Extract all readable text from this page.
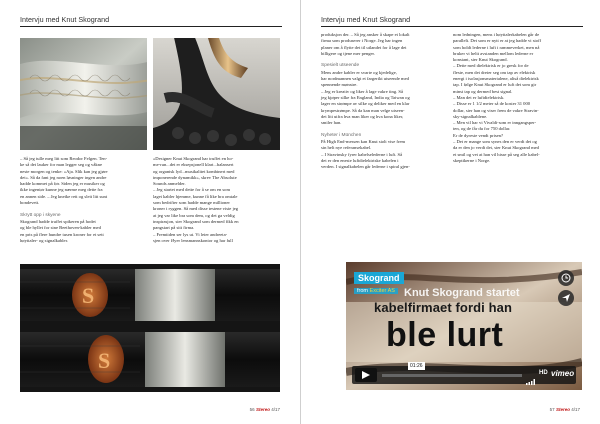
Intervju med Knut Skogrand

– Så jeg tulle meg litt som Reodor Felgen. Ten-

ke så det lauker for man legger seg og våkne

neste morgen og tenke: «Aja. Slik kan jeg gjøre

det». Så da fant jeg noen løsninger ingen andre

hadde kommet på før. Siden jeg er musiker og

ikke ingeniør kunne jeg nærme meg dette fra

en annen side. – Jeg kneike rett og sleit litt sunt

bondevett.

Skrytt opp i skyene

Skogrand hadde truffet spikeren på hodet

og ble hyllet for sine Beethoven-kabler med

en pris på flere hundre tusen kroner for et sett

høyttaler- og signalkabler.

«Designer Knut Skogrand har truffet en ho-

me-run...det er eksepsjonell klart...balansert

og organisk lyd...musikalitet kombinert med

imponerende dynamikk», skrev The Absolute

Sounds anmelder.

– Jeg startet med dette for å se om en som

laget kabler hjemme, kunne få like bra omtale

som bedrifter som hadde mange millioner

kroner i ryggen. Så med disse testene viste jeg

at jeg var like bra som dem, og det ga veldig

inspirasjon, sier Skogrand som dermed fikk en

pangstart på sitt firma.

– Fremtiden ser lys ut. Vi leier andreeta-

sjen over Øyer lensmannskontor og har full

S
S
56 Stereo 4/17
Intervju med Knut Skogrand

produksjon der. – Så jeg ansker å skape et lokalt

firma som produserer i Norge. Jeg har ingen

planer om å flytte det til utlandet for å lage det

billigere og tjene mer penger.

Spesielt utseende

Mens andre kabler er svarte og kjedelige,

har nordmannen valgt et fargerikt utseende med

spennende mønstre.

– Jeg er kreativ og liker å lage vakre ting. Så

jeg kjøper silke fra England, India og Taiwan og

lager en strømpe av silke og deliker med en klar

krympestrømpe. Så da kan man velge utseen-

det litt utfra hva man liker og hva kona liker,

smiler han.

Nyheter i München

På High End-messen kan Knut stolt vise frem

sin helt nye referansekabel.

– I Stravinsky fyrer kabelselederne i luft. Så

det er den eneste luftdielektriske kabelen i

verden. I signalkabelen går lederne i spiral gjen-

nom ledningen, mens i høyttalerkabelen går de

parallelt. Det som er nytt er at jeg hadde vi stoff

som holdt lederne i luft i rammeverket, men nå

bruker vi heltt avstanden mellom lederne er

konstant, sier Knut Skogrand.

– Dette med dielektrisk er jo gresk for de

fleste, men det dreier seg om tap av elektrisk

energi i isolasjonsmaterialene, altså dielektrisk

tap. I følge Knut Skogrand er luft det som gir

minst tap og dermed best signal.

– Man det er luftdielektrisk.

– Disse er 1 1/2 meter så de koster 31 000

dollar, sier han og viser frem de vakre Stravin-

sky-signalkablene.

– Men vil har vi Vivaldi-som er inngangsper-

ten, og de får du for 750 dollar.

Er de dyreste vendt prisen?

– Det er mange som synes den er verdt det og

da er den jo verdt det, sier Knut Skogrand med

et smil og vet at han vil hisse på seg alle kabel-

skeptikerne i Norge.

Skogrand
from Exciter AS Knut Skogrand startet
kabelfirmaet fordi han
ble lurt
01:26
HD vimeo
57 Stereo 4/17
